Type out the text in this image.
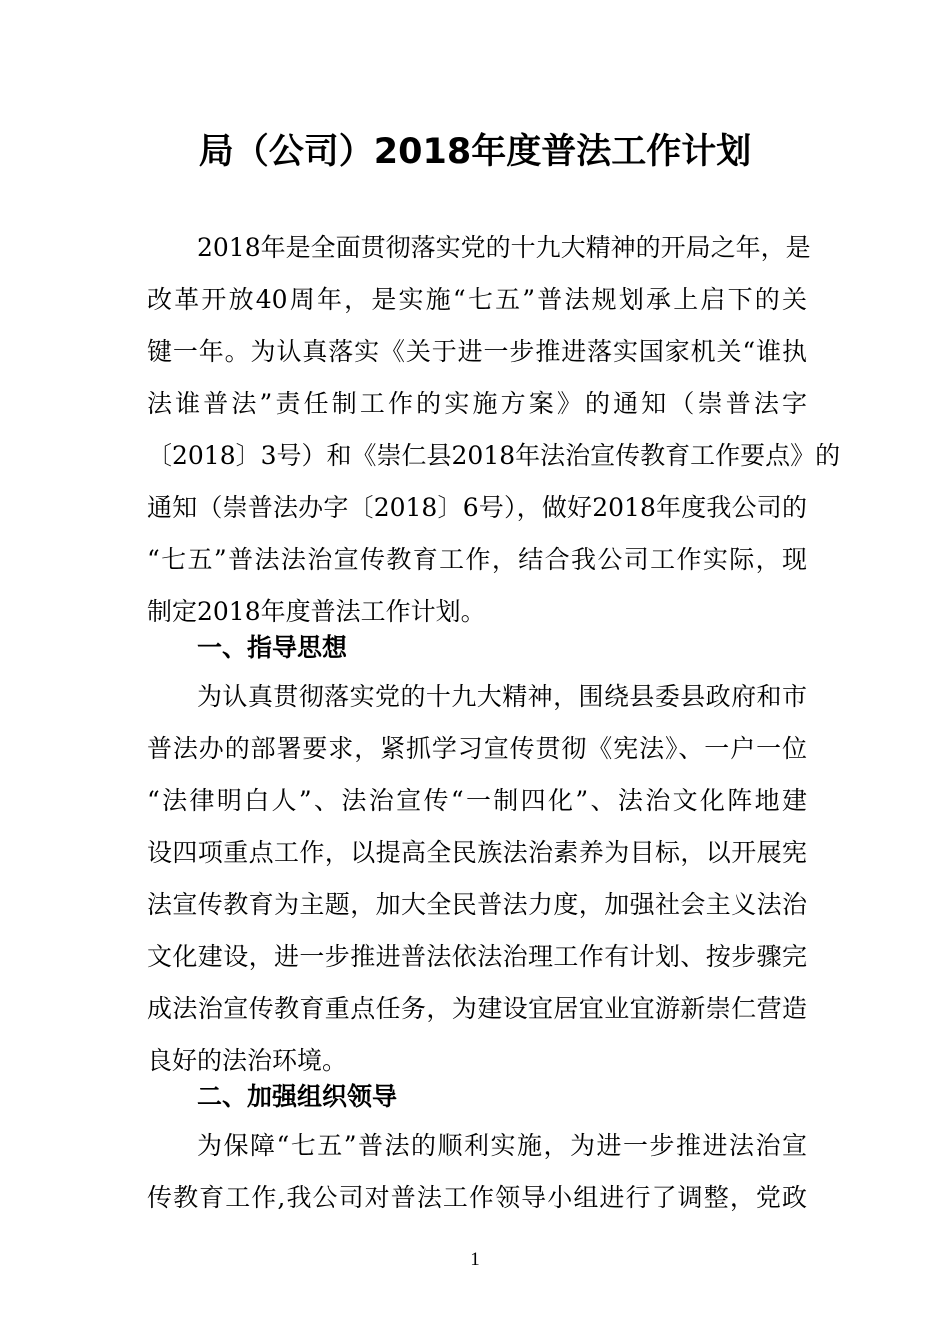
局（公司）2018年度普法工作计划
2018年是全面贯彻落实党的十九大精神的开局之年，是
改革开放40周年，是实施“七五”普法规划承上启下的关
键一年。为认真落实《关于进一步推进落实国家机关“谁执
法谁普法”责任制工作的实施方案》的通知（崇普法字
〔2018〕3号）和《崇仁县2018年法治宣传教育工作要点》的
通知（崇普法办字〔2018〕6号），做好2018年度我公司的
“七五”普法法治宣传教育工作，结合我公司工作实际，现
制定2018年度普法工作计划。
一、指导思想
为认真贯彻落实党的十九大精神，围绕县委县政府和市
普法办的部署要求，紧抓学习宣传贯彻《宪法》、一户一位
“法律明白人”、法治宣传“一制四化”、法治文化阵地建
设四项重点工作，以提高全民族法治素养为目标，以开展宪
法宣传教育为主题，加大全民普法力度，加强社会主义法治
文化建设，进一步推进普法依法治理工作有计划、按步骤完
成法治宣传教育重点任务，为建设宜居宜业宜游新崇仁营造
良好的法治环境。
二、加强组织领导
为保障“七五”普法的顺利实施，为进一步推进法治宣
传教育工作,我公司对普法工作领导小组进行了调整，党政
1
